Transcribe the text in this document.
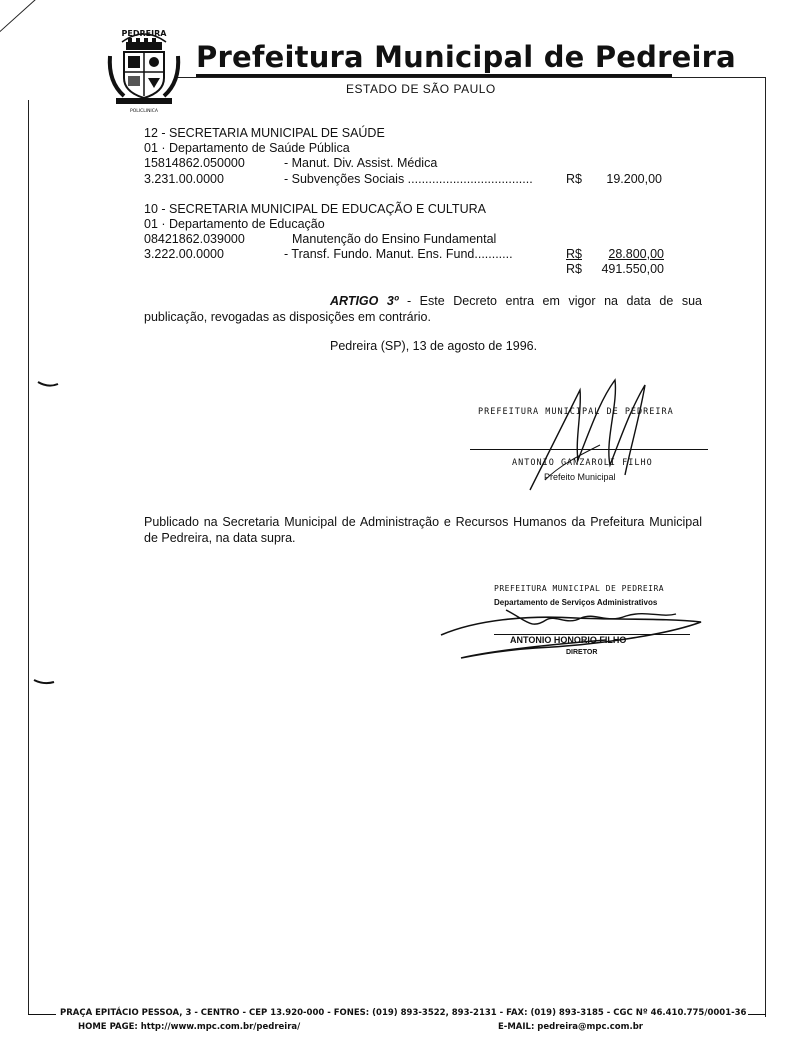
PEDREIRA
POLICLINICA
Prefeitura Municipal de Pedreira
ESTADO DE SÃO PAULO
12 - SECRETARIA MUNICIPAL DE SAÚDE
01 · Departamento de Saúde Pública
15814862.050000	- Manut. Div. Assist. Médica
3.231.00.0000	- Subvenções Sociais ....................................	R$	19.200,00
10 - SECRETARIA MUNICIPAL DE EDUCAÇÃO E CULTURA
01 · Departamento de Educação
08421862.039000	Manutenção do Ensino Fundamental
3.222.00.0000	- Transf. Fundo. Manut. Ens. Fund...........	R$	28.800,00
R$	491.550,00
ARTIGO 3º - Este Decreto entra em vigor na data de sua publicação, revogadas as disposições em contrário.
Pedreira (SP), 13 de agosto de 1996.
PREFEITURA MUNICIPAL DE PEDREIRA
ANTONIO GANZAROLI FILHO
Prefeito Municipal
Publicado na Secretaria Municipal de Administração e Recursos Humanos da Prefeitura Municipal de Pedreira, na data supra.
PREFEITURA MUNICIPAL DE PEDREIRA
Departamento de Serviços Administrativos
ANTONIO HONORIO FILHO
DIRETOR
PRAÇA EPITÁCIO PESSOA, 3 - CENTRO - CEP 13.920-000 - FONES: (019) 893-3522, 893-2131 - FAX: (019) 893-3185 - CGC Nº 46.410.775/0001-36
HOME PAGE: http://www.mpc.com.br/pedreira/	E-MAIL: pedreira@mpc.com.br
